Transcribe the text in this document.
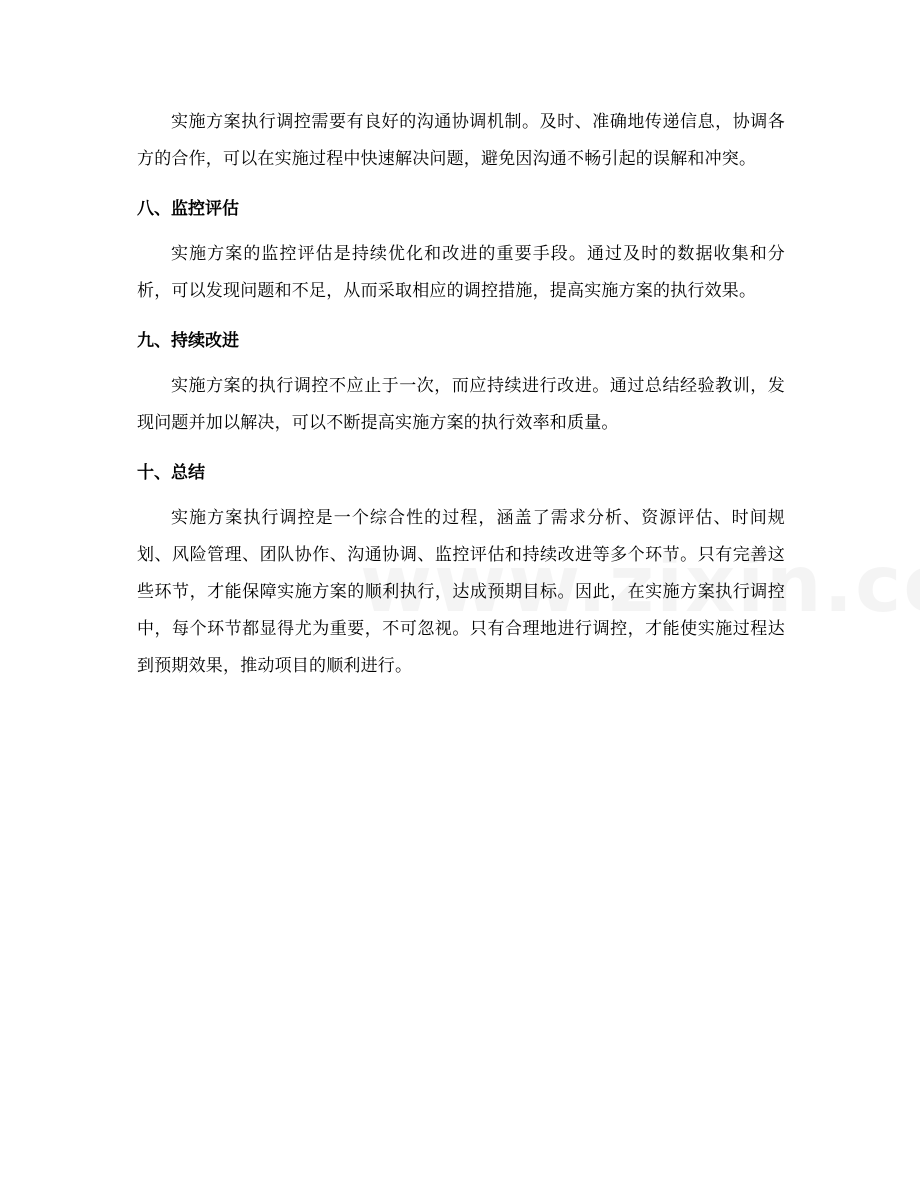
实施方案执行调控需要有良好的沟通协调机制。及时、准确地传递信息，协调各方的合作，可以在实施过程中快速解决问题，避免因沟通不畅引起的误解和冲突。

八、监控评估

实施方案的监控评估是持续优化和改进的重要手段。通过及时的数据收集和分析，可以发现问题和不足，从而采取相应的调控措施，提高实施方案的执行效果。

九、持续改进

实施方案的执行调控不应止于一次，而应持续进行改进。通过总结经验教训，发现问题并加以解决，可以不断提高实施方案的执行效率和质量。

十、总结

实施方案执行调控是一个综合性的过程，涵盖了需求分析、资源评估、时间规划、风险管理、团队协作、沟通协调、监控评估和持续改进等多个环节。只有完善这些环节，才能保障实施方案的顺利执行，达成预期目标。因此，在实施方案执行调控中，每个环节都显得尤为重要，不可忽视。只有合理地进行调控，才能使实施过程达到预期效果，推动项目的顺利进行。
